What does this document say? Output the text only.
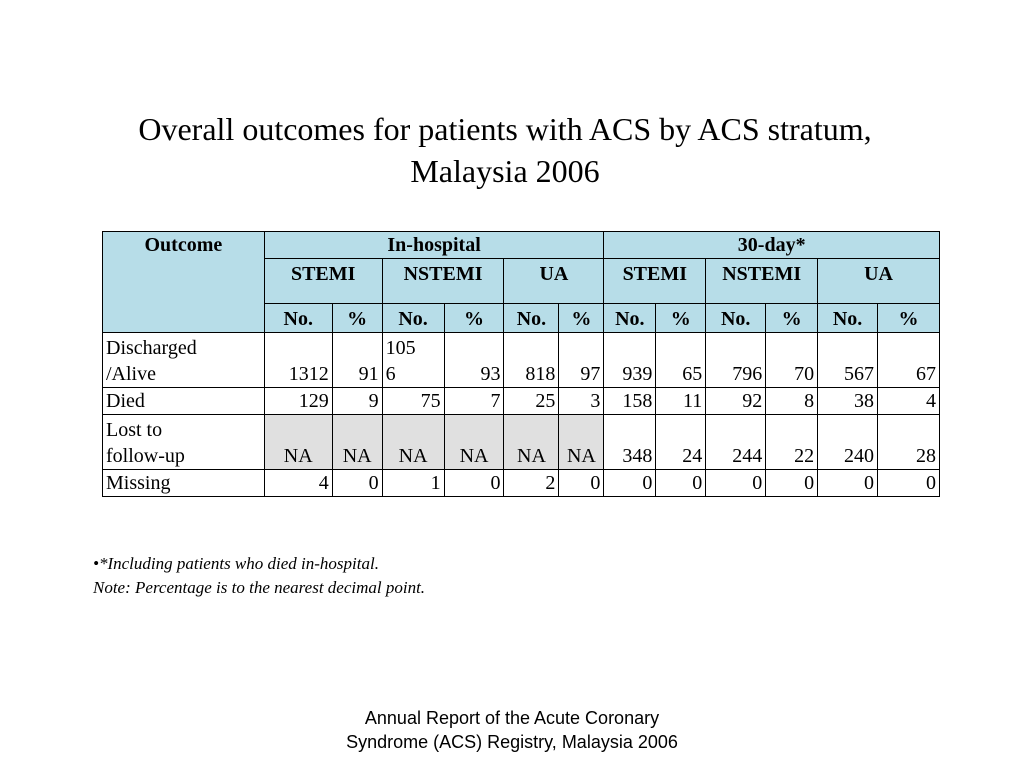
Overall outcomes for patients with ACS by ACS stratum,
Malaysia 2006
Outcome	In-hospital						30-day*					
	STEMI		NSTEMI		UA		STEMI		NSTEMI		UA	
	No.	%	No.	%	No.	%	No.	%	No.	%	No.	%
Discharged
/Alive	1312	91	105 6	93	818	97	939	65	796	70	567	67
Died	129	9	75	7	25	3	158	11	92	8	38	4
Lost to
follow-up	NA	NA	NA	NA	NA	NA	348	24	244	22	240	28
Missing	4	0	1	0	2	0	0	0	0	0	0	0
•*Including patients who died in-hospital.
Note: Percentage is to the nearest decimal point.
Annual Report of the Acute Coronary
Syndrome (ACS) Registry, Malaysia 2006
